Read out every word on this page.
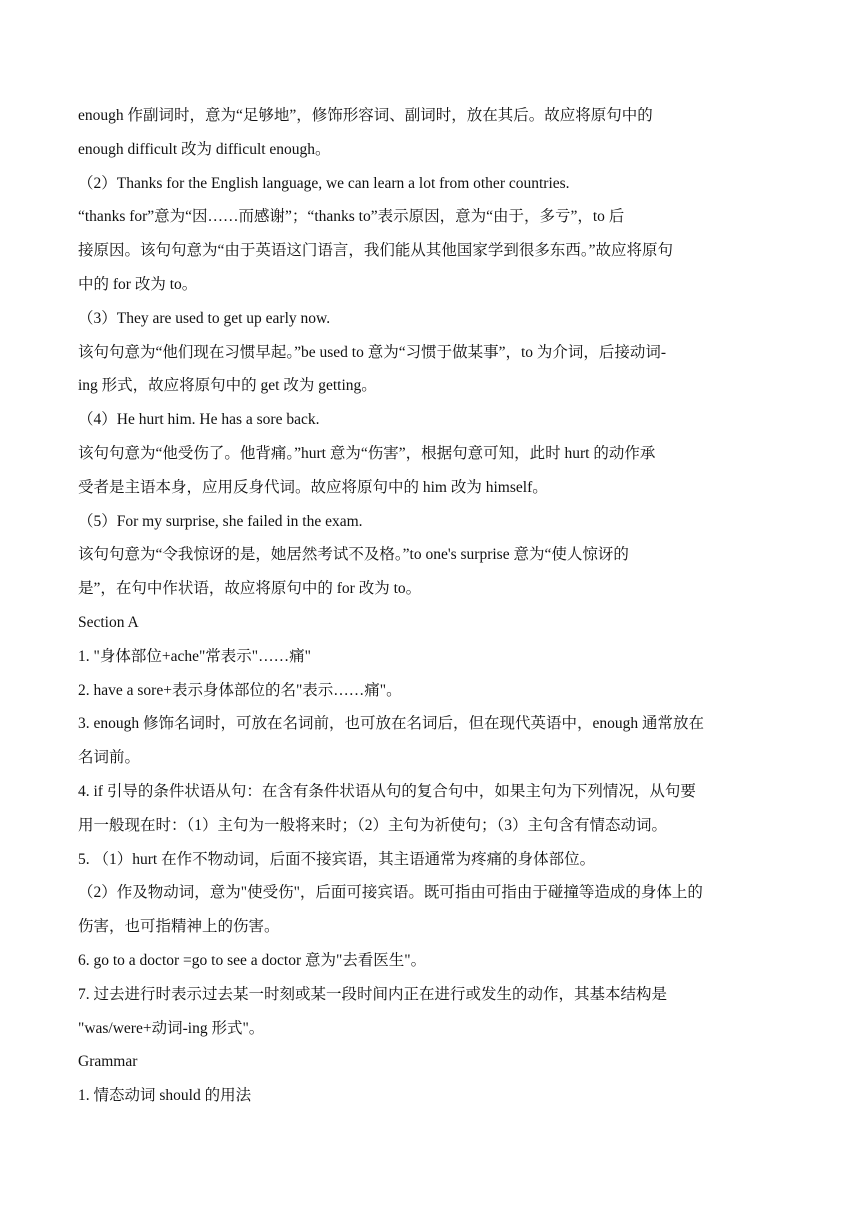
enough 作副词时，意为“足够地”，修饰形容词、副词时，放在其后。故应将原句中的
enough difficult 改为 difficult enough。
（2）Thanks for the English language, we can learn a lot from other countries.
“thanks for”意为“因……而感谢”；“thanks to”表示原因，意为“由于，多亏”，to 后
接原因。该句句意为“由于英语这门语言，我们能从其他国家学到很多东西。”故应将原句
中的 for 改为 to。
（3）They are used to get up early now.
该句句意为“他们现在习惯早起。”be used to 意为“习惯于做某事”，to 为介词，后接动词-
ing 形式，故应将原句中的 get 改为 getting。
（4）He hurt him. He has a sore back.
该句句意为“他受伤了。他背痛。”hurt 意为“伤害”，根据句意可知，此时 hurt 的动作承
受者是主语本身，应用反身代词。故应将原句中的 him 改为 himself。
（5）For my surprise, she failed in the exam.
该句句意为“令我惊讶的是，她居然考试不及格。”to one's surprise 意为“使人惊讶的
是”，在句中作状语，故应将原句中的 for 改为 to。
Section A
1. "身体部位+ache"常表示"……痛"
2. have a sore+表示身体部位的名"表示……痛"。
3. enough 修饰名词时，可放在名词前，也可放在名词后，但在现代英语中，enough 通常放在
名词前。
4. if 引导的条件状语从句：在含有条件状语从句的复合句中，如果主句为下列情况，从句要
用一般现在时：（1）主句为一般将来时；（2）主句为祈使句；（3）主句含有情态动词。
5. （1）hurt 在作不物动词，后面不接宾语，其主语通常为疼痛的身体部位。
（2）作及物动词，意为"使受伤"，后面可接宾语。既可指由可指由于碰撞等造成的身体上的
伤害，也可指精神上的伤害。
6. go to a doctor =go to see a doctor 意为"去看医生"。
7. 过去进行时表示过去某一时刻或某一段时间内正在进行或发生的动作，其基本结构是
"was/were+动词-ing 形式"。
Grammar
1. 情态动词 should 的用法
